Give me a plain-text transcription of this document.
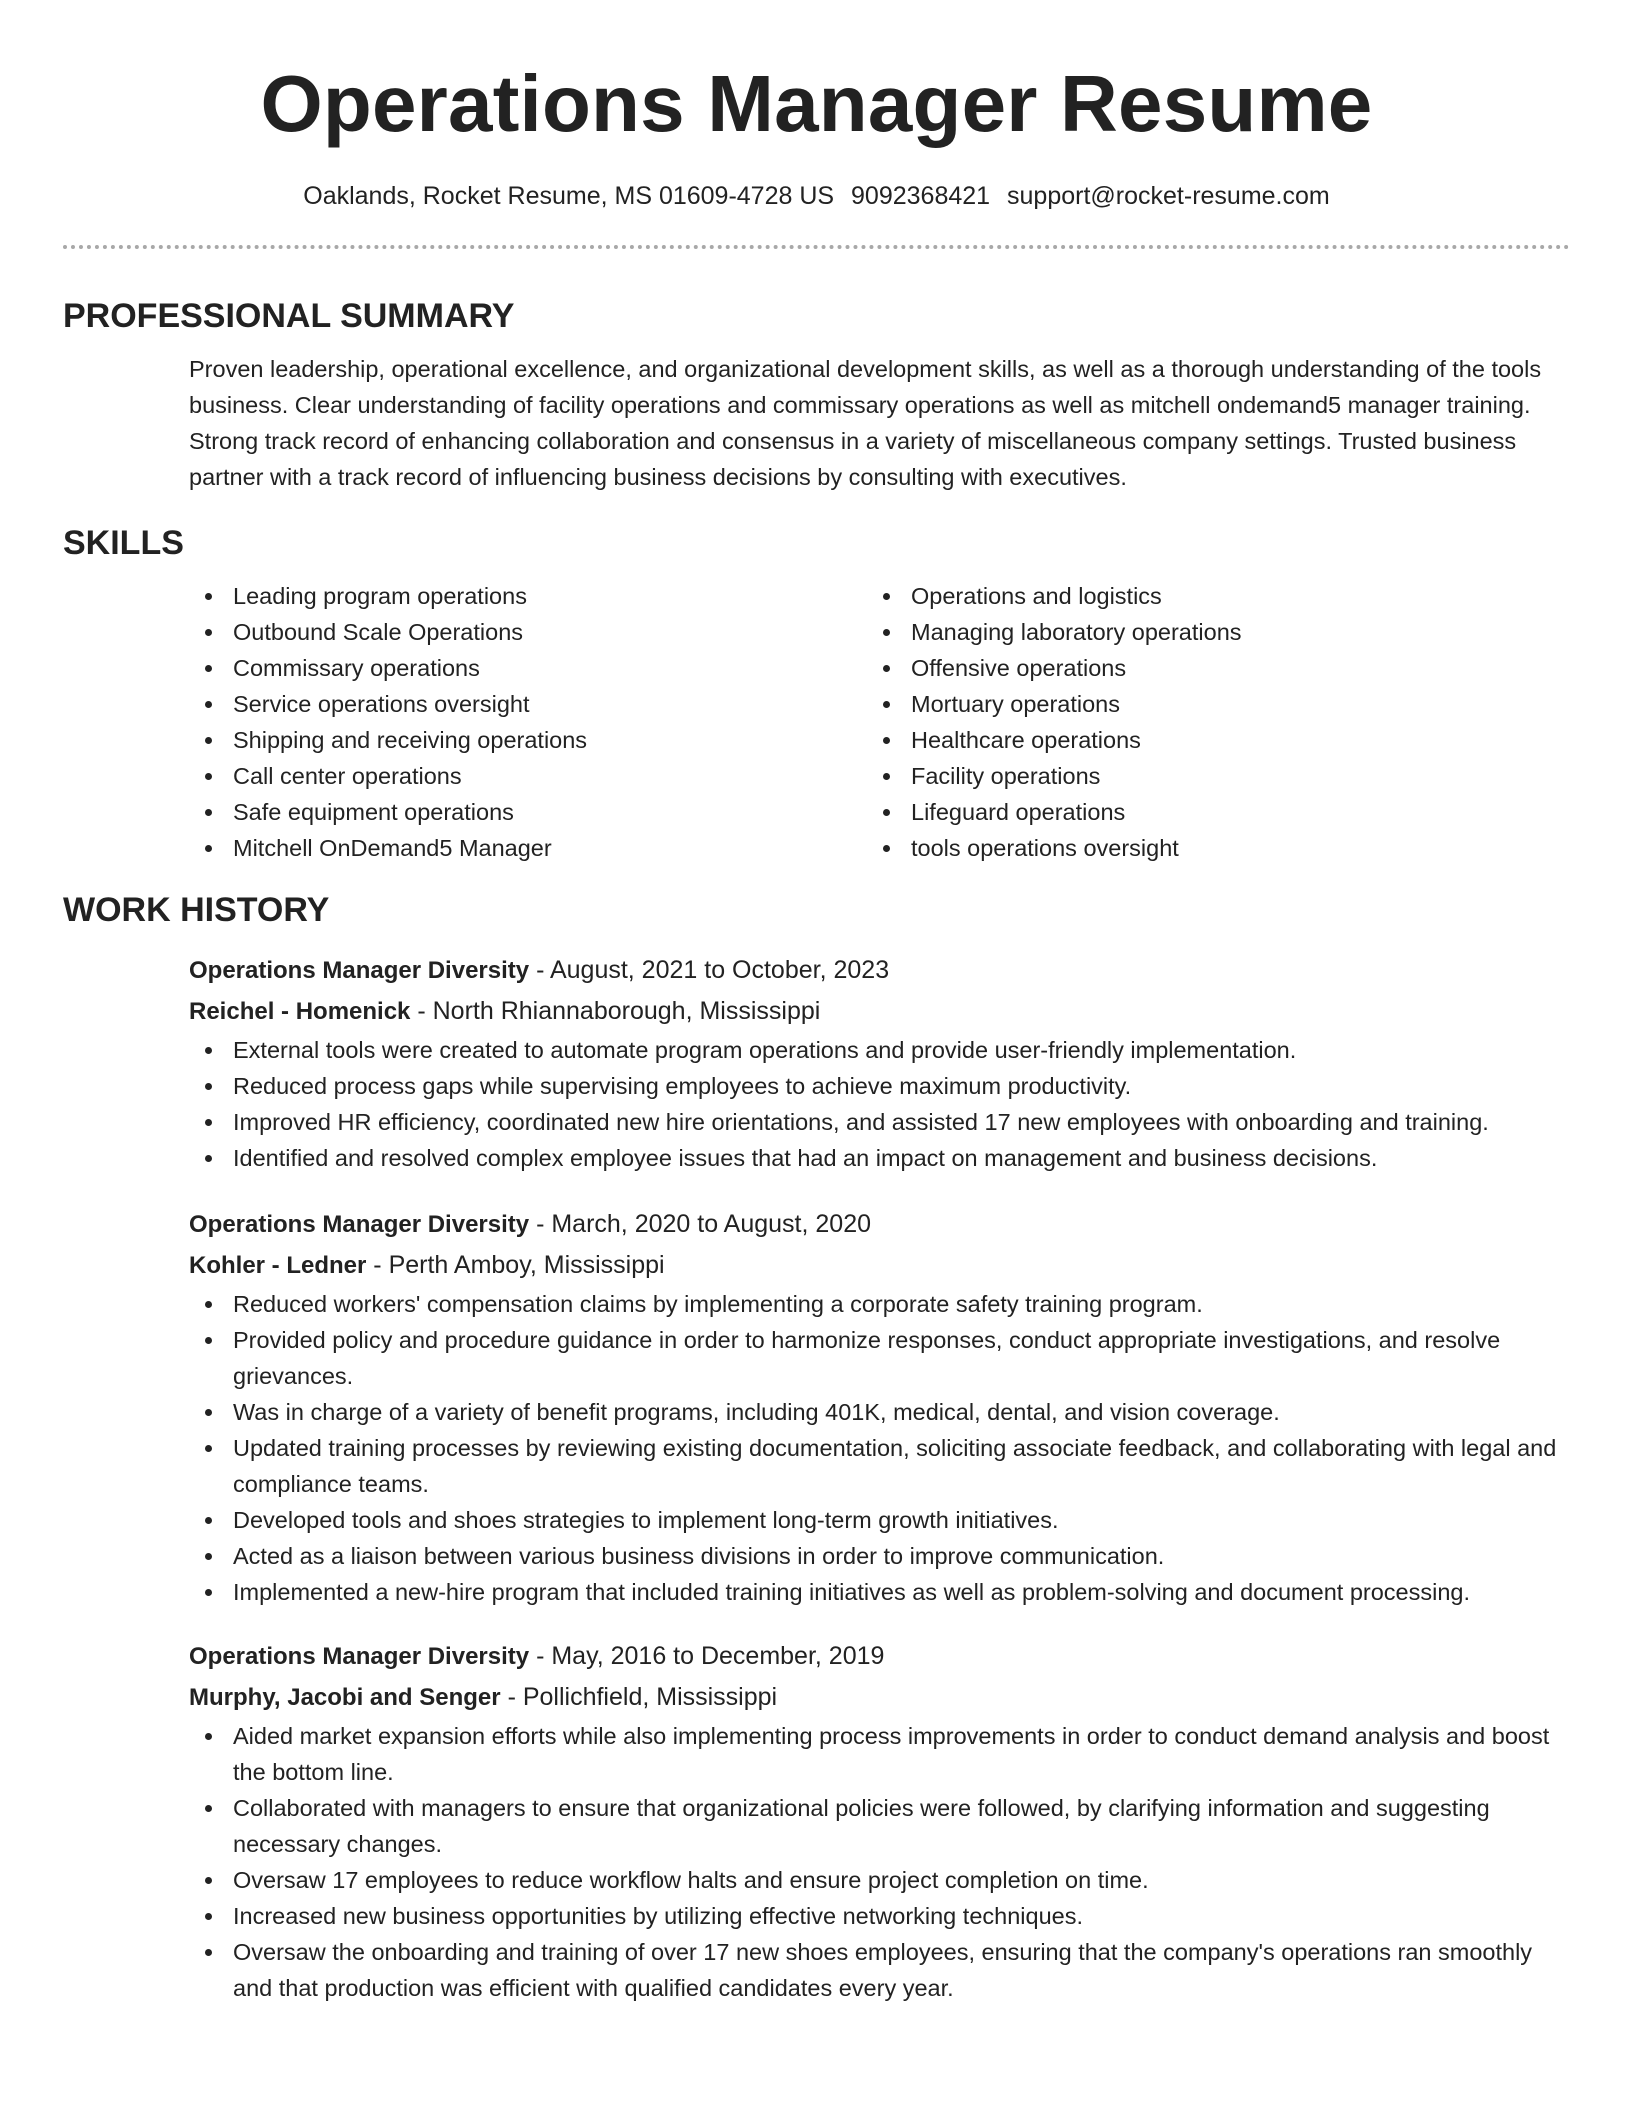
Operations Manager Resume
Oaklands, Rocket Resume, MS 01609-4728 US 9092368421 support@rocket-resume.com
PROFESSIONAL SUMMARY
Proven leadership, operational excellence, and organizational development skills, as well as a thorough understanding of the tools business. Clear understanding of facility operations and commissary operations as well as mitchell ondemand5 manager training. Strong track record of enhancing collaboration and consensus in a variety of miscellaneous company settings. Trusted business partner with a track record of influencing business decisions by consulting with executives.
SKILLS
Leading program operations
Outbound Scale Operations
Commissary operations
Service operations oversight
Shipping and receiving operations
Call center operations
Safe equipment operations
Mitchell OnDemand5 Manager
Operations and logistics
Managing laboratory operations
Offensive operations
Mortuary operations
Healthcare operations
Facility operations
Lifeguard operations
tools operations oversight
WORK HISTORY
Operations Manager Diversity - August, 2021 to October, 2023
Reichel - Homenick - North Rhiannaborough, Mississippi
External tools were created to automate program operations and provide user-friendly implementation.
Reduced process gaps while supervising employees to achieve maximum productivity.
Improved HR efficiency, coordinated new hire orientations, and assisted 17 new employees with onboarding and training.
Identified and resolved complex employee issues that had an impact on management and business decisions.
Operations Manager Diversity - March, 2020 to August, 2020
Kohler - Ledner - Perth Amboy, Mississippi
Reduced workers' compensation claims by implementing a corporate safety training program.
Provided policy and procedure guidance in order to harmonize responses, conduct appropriate investigations, and resolve grievances.
Was in charge of a variety of benefit programs, including 401K, medical, dental, and vision coverage.
Updated training processes by reviewing existing documentation, soliciting associate feedback, and collaborating with legal and compliance teams.
Developed tools and shoes strategies to implement long-term growth initiatives.
Acted as a liaison between various business divisions in order to improve communication.
Implemented a new-hire program that included training initiatives as well as problem-solving and document processing.
Operations Manager Diversity - May, 2016 to December, 2019
Murphy, Jacobi and Senger - Pollichfield, Mississippi
Aided market expansion efforts while also implementing process improvements in order to conduct demand analysis and boost the bottom line.
Collaborated with managers to ensure that organizational policies were followed, by clarifying information and suggesting necessary changes.
Oversaw 17 employees to reduce workflow halts and ensure project completion on time.
Increased new business opportunities by utilizing effective networking techniques.
Oversaw the onboarding and training of over 17 new shoes employees, ensuring that the company's operations ran smoothly and that production was efficient with qualified candidates every year.
